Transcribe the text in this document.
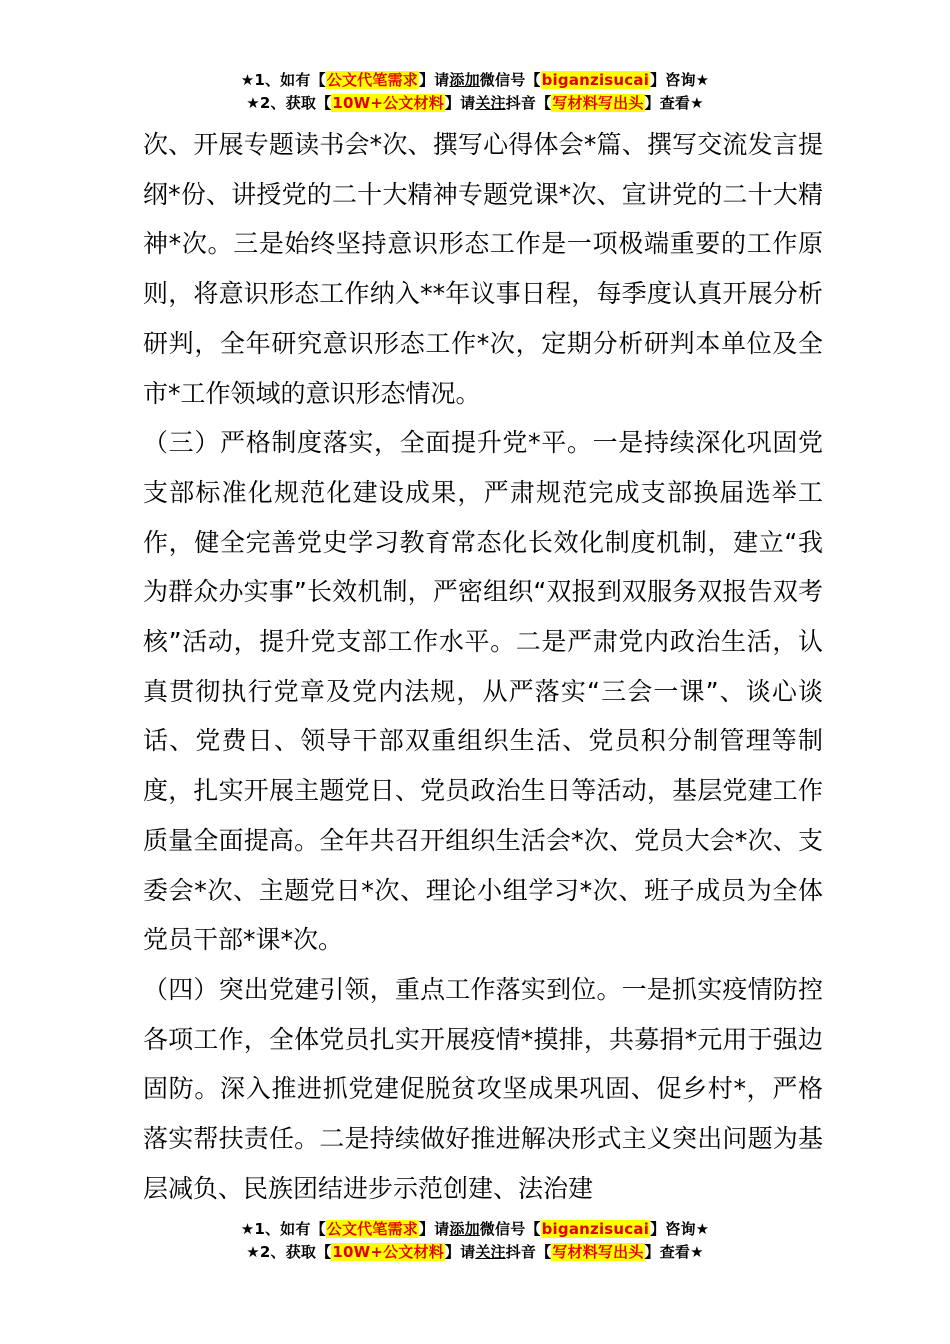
★1、如有【公文代笔需求】请添加微信号【biganzisucai】咨询★
★2、获取【10W+公文材料】请关注抖音【写材料写出头】查看★

次、开展专题读书会*次、撰写心得体会*篇、撰写交流发言提纲*份、讲授党的二十大精神专题党课*次、宣讲党的二十大精神*次。三是始终坚持意识形态工作是一项极端重要的工作原则，将意识形态工作纳入**年议事日程，每季度认真开展分析研判，全年研究意识形态工作*次，定期分析研判本单位及全市*工作领域的意识形态情况。

（三）严格制度落实，全面提升党*平。一是持续深化巩固党支部标准化规范化建设成果，严肃规范完成支部换届选举工作，健全完善党史学习教育常态化长效化制度机制，建立“我为群众办实事”长效机制，严密组织“双报到双服务双报告双考核”活动，提升党支部工作水平。二是严肃党内政治生活，认真贯彻执行党章及党内法规，从严落实“三会一课”、谈心谈话、党费日、领导干部双重组织生活、党员积分制管理等制度，扎实开展主题党日、党员政治生日等活动，基层党建工作质量全面提高。全年共召开组织生活会*次、党员大会*次、支委会*次、主题党日*次、理论小组学习*次、班子成员为全体党员干部*课*次。

（四）突出党建引领，重点工作落实到位。一是抓实疫情防控各项工作，全体党员扎实开展疫情*摸排，共募捐*元用于强边固防。深入推进抓党建促脱贫攻坚成果巩固、促乡村*，严格落实帮扶责任。二是持续做好推进解决形式主义突出问题为基层减负、民族团结进步示范创建、法治建

★1、如有【公文代笔需求】请添加微信号【biganzisucai】咨询★
★2、获取【10W+公文材料】请关注抖音【写材料写出头】查看★
